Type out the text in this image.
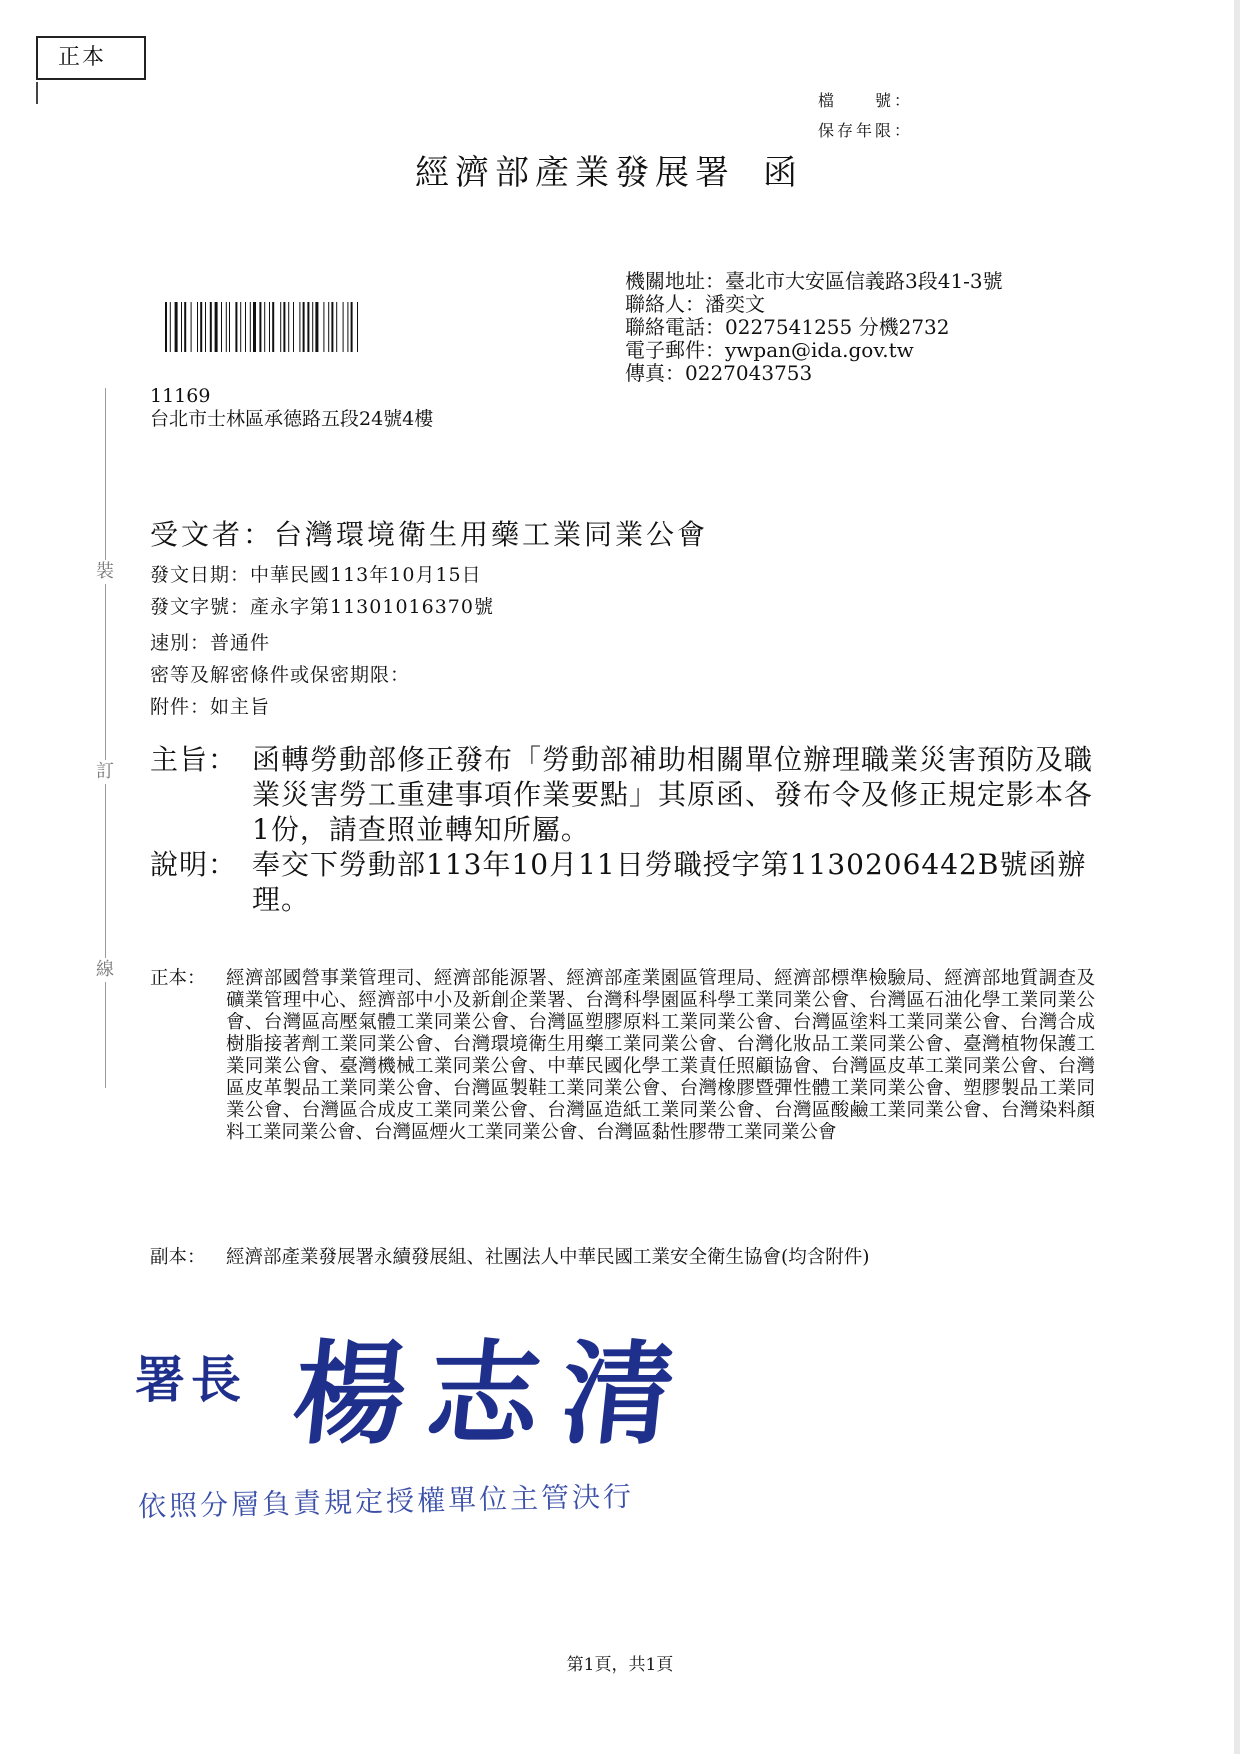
正本
檔　　號：
保存年限：
經濟部產業發展署 函
機關地址：臺北市大安區信義路3段41-3號
聯絡人：潘奕文
聯絡電話：0227541255 分機2732
電子郵件：ywpan@ida.gov.tw
傳真：0227043753
11169
台北市士林區承德路五段24號4樓
裝
訂
線
受文者：台灣環境衛生用藥工業同業公會
發文日期：中華民國113年10月15日
發文字號：產永字第11301016370號
速別：普通件
密等及解密條件或保密期限：
附件：如主旨
主旨： 函轉勞動部修正發布「勞動部補助相關單位辦理職業災害預防及職業災害勞工重建事項作業要點」其原函、發布令及修正規定影本各1份，請查照並轉知所屬。
說明： 奉交下勞動部113年10月11日勞職授字第1130206442B號函辦理。
正本： 經濟部國營事業管理司、經濟部能源署、經濟部產業園區管理局、經濟部標準檢驗局、經濟部地質調查及礦業管理中心、經濟部中小及新創企業署、台灣科學園區科學工業同業公會、台灣區石油化學工業同業公會、台灣區高壓氣體工業同業公會、台灣區塑膠原料工業同業公會、台灣區塗料工業同業公會、台灣合成樹脂接著劑工業同業公會、台灣環境衛生用藥工業同業公會、台灣化妝品工業同業公會、臺灣植物保護工業同業公會、臺灣機械工業同業公會、中華民國化學工業責任照顧協會、台灣區皮革工業同業公會、台灣區皮革製品工業同業公會、台灣區製鞋工業同業公會、台灣橡膠暨彈性體工業同業公會、塑膠製品工業同業公會、台灣區合成皮工業同業公會、台灣區造紙工業同業公會、台灣區酸鹼工業同業公會、台灣染料顏料工業同業公會、台灣區煙火工業同業公會、台灣區黏性膠帶工業同業公會
副本： 經濟部產業發展署永續發展組、社團法人中華民國工業安全衛生協會(均含附件)
署長 楊志清
依照分層負責規定授權單位主管決行
第1頁，共1頁
